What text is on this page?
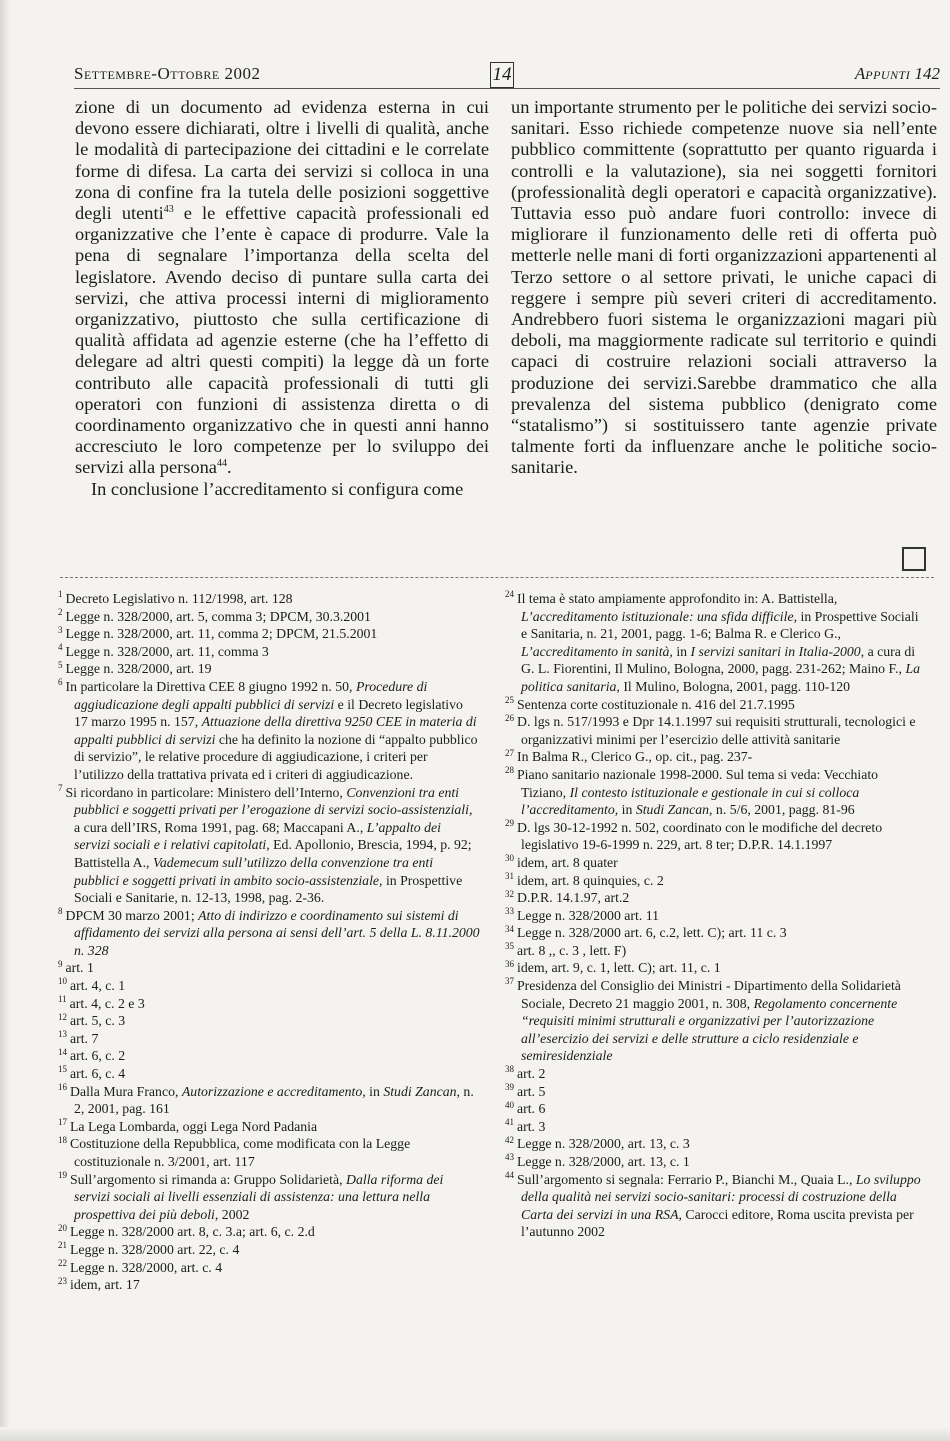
SETTEMBRE-OTTOBRE 2002	14	APPUNTI 142

zione di un documento ad evidenza esterna in cui devono essere dichiarati, oltre i livelli di qualità, anche le modalità di partecipazione dei cittadini e le correlate forme di difesa. La carta dei servizi si colloca in una zona di confine fra la tutela delle posizioni soggettive degli utenti$^{43}$ e le effettive capacità professionali ed organizzative che l’ente è capace di produrre. Vale la pena di segnalare l’importanza della scelta del legislatore. Avendo deciso di puntare sulla carta dei servizi, che attiva processi interni di miglioramento organizzativo, piuttosto che sulla certificazione di qualità affidata ad agenzie esterne (che ha l’effetto di delegare ad altri questi compiti) la legge dà un forte contributo alle capacità professionali di tutti gli operatori con funzioni di assistenza diretta o di coordinamento organizzativo che in questi anni hanno accresciuto le loro competenze per lo sviluppo dei servizi alla persona$^{44}$.

In conclusione l’accreditamento si configura come

un importante strumento per le politiche dei servizi socio-sanitari. Esso richiede competenze nuove sia nell’ente pubblico committente (soprattutto per quanto riguarda i controlli e la valutazione), sia nei soggetti fornitori (professionalità degli operatori e capacità organizzative). Tuttavia esso può andare fuori controllo: invece di migliorare il funzionamento delle reti di offerta può metterle nelle mani di forti organizzazioni appartenenti al Terzo settore o al settore privati, le uniche capaci di reggere i sempre più severi criteri di accreditamento. Andrebbero fuori sistema le organizzazioni magari più deboli, ma maggiormente radicate sul territorio e quindi capaci di costruire relazioni sociali attraverso la produzione dei servizi.Sarebbe drammatico che alla prevalenza del sistema pubblico (denigrato come “statalismo”) si sostituissero tante agenzie private talmente forti da influenzare anche le politiche socio-sanitarie.

$^1$ Decreto Legislativo n. 112/1998, art. 128

$^2$ Legge n. 328/2000, art. 5, comma 3; DPCM, 30.3.2001

$^3$ Legge n. 328/2000, art. 11, comma 2; DPCM, 21.5.2001

$^4$ Legge n. 328/2000, art. 11, comma 3

$^5$ Legge n. 328/2000, art. 19

$^6$ In particolare la Direttiva CEE 8 giugno 1992 n. 50, Procedure di aggiudicazione degli appalti pubblici di servizi e il Decreto legislativo 17 marzo 1995 n. 157, Attuazione della direttiva 9250 CEE in materia di appalti pubblici di servizi che ha definito la nozione di “appalto pubblico di servizio”, le relative procedure di aggiudicazione, i criteri per l’utilizzo della trattativa privata ed i criteri di aggiudicazione.

$^7$ Si ricordano in particolare: Ministero dell’Interno, Convenzioni tra enti pubblici e soggetti privati per l’erogazione di servizi socio-assistenziali, a cura dell’IRS, Roma 1991, pag. 68; Maccapani A., L’appalto dei servizi sociali e i relativi capitolati, Ed. Apollonio, Brescia, 1994, p. 92; Battistella A., Vademecum sull’utilizzo della convenzione tra enti pubblici e soggetti privati in ambito socio-assistenziale, in Prospettive Sociali e Sanitarie, n. 12-13, 1998, pag. 2-36.

$^8$ DPCM 30 marzo 2001; Atto di indirizzo e coordinamento sui sistemi di affidamento dei servizi alla persona ai sensi dell’art. 5 della L. 8.11.2000 n. 328

$^9$ art. 1

$^{10}$ art. 4, c. 1

$^{11}$ art. 4, c. 2 e 3

$^{12}$ art. 5, c. 3

$^{13}$ art. 7

$^{14}$ art. 6, c. 2

$^{15}$ art. 6, c. 4

$^{16}$ Dalla Mura Franco, Autorizzazione e accreditamento, in Studi Zancan, n. 2, 2001, pag. 161

$^{17}$ La Lega Lombarda, oggi Lega Nord Padania

$^{18}$ Costituzione della Repubblica, come modificata con la Legge costituzionale n. 3/2001, art. 117

$^{19}$ Sull’argomento si rimanda a: Gruppo Solidarietà, Dalla riforma dei servizi sociali ai livelli essenziali di assistenza: una lettura nella prospettiva dei più deboli, 2002

$^{20}$ Legge n. 328/2000 art. 8, c. 3.a; art. 6, c. 2.d

$^{21}$ Legge n. 328/2000 art. 22, c. 4

$^{22}$ Legge n. 328/2000, art. c. 4

$^{23}$ idem, art. 17

$^{24}$ Il tema è stato ampiamente approfondito in: A. Battistella, L’accreditamento istituzionale: una sfida difficile, in Prospettive Sociali e Sanitaria, n. 21, 2001, pagg. 1-6; Balma R. e Clerico G., L’accreditamento in sanità, in I servizi sanitari in Italia-2000, a cura di G. L. Fiorentini, Il Mulino, Bologna, 2000, pagg. 231-262; Maino F., La politica sanitaria, Il Mulino, Bologna, 2001, pagg. 110-120

$^{25}$ Sentenza corte costituzionale n. 416 del 21.7.1995

$^{26}$ D. lgs n. 517/1993 e Dpr 14.1.1997 sui requisiti strutturali, tecnologici e organizzativi minimi per l’esercizio delle attività sanitarie

$^{27}$ In Balma R., Clerico G., op. cit., pag. 237-

$^{28}$ Piano sanitario nazionale 1998-2000. Sul tema si veda: Vecchiato Tiziano, Il contesto istituzionale e gestionale in cui si colloca l’accreditamento, in Studi Zancan, n. 5/6, 2001, pagg. 81-96

$^{29}$ D. lgs 30-12-1992 n. 502, coordinato con le modifiche del decreto legislativo 19-6-1999 n. 229, art. 8 ter; D.P.R. 14.1.1997

$^{30}$ idem, art. 8 quater

$^{31}$ idem, art. 8 quinquies, c. 2

$^{32}$ D.P.R. 14.1.97, art.2

$^{33}$ Legge n. 328/2000 art. 11

$^{34}$ Legge n. 328/2000 art. 6, c.2, lett. C); art. 11 c. 3

$^{35}$ art. 8 ,, c. 3 , lett. F)

$^{36}$ idem, art. 9, c. 1, lett. C); art. 11, c. 1

$^{37}$ Presidenza del Consiglio dei Ministri - Dipartimento della Solidarietà Sociale, Decreto 21 maggio 2001, n. 308, Regolamento concernente “requisiti minimi strutturali e organizzativi per l’autorizzazione all’esercizio dei servizi e delle strutture a ciclo residenziale e semiresidenziale

$^{38}$ art. 2

$^{39}$ art. 5

$^{40}$ art. 6

$^{41}$ art. 3

$^{42}$ Legge n. 328/2000, art. 13, c. 3

$^{43}$ Legge n. 328/2000, art. 13, c. 1

$^{44}$ Sull’argomento si segnala: Ferrario P., Bianchi M., Quaia L., Lo sviluppo della qualità nei servizi socio-sanitari: processi di costruzione della Carta dei servizi in una RSA, Carocci editore, Roma uscita prevista per l’autunno 2002
